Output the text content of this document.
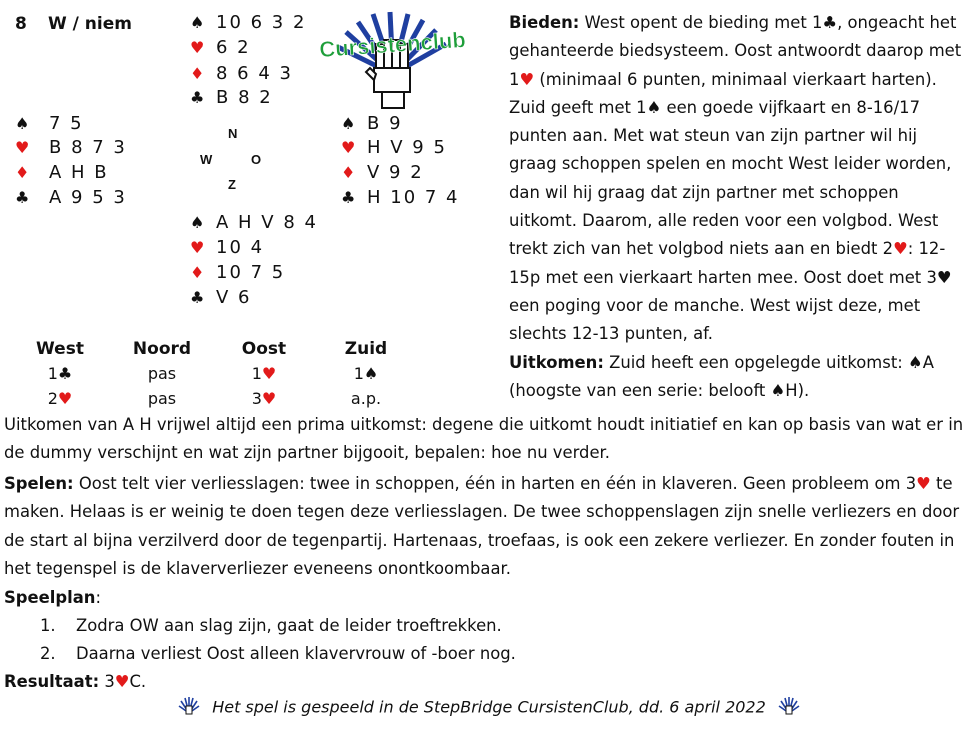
8 W / niem
Cursistenclub
♠ 10 6 3 2
♥ 6 2
♦ 8 6 4 3
♣ B 8 2
♠ 7 5
♥ B 8 7 3
♦ A H B
♣ A 9 5 3
N
W	O
Z
♠ B 9
♥ H V 9 5
♦ V 9 2
♣ H 10 7 4
♠ A H V 8 4
♥ 10 4
♦ 10 7 5
♣ V 6
West	Noord	Oost	Zuid
1♣	pas	1♥	1♠
2♥	pas	3♥	a.p.
Bieden: West opent de bieding met 1♣, ongeacht het gehanteerde biedsysteem. Oost antwoordt daarop met 1♥ (minimaal 6 punten, minimaal vierkaart harten). Zuid geeft met 1♠ een goede vijfkaart en 8-16/17 punten aan. Met wat steun van zijn partner wil hij graag schoppen spelen en mocht West leider worden, dan wil hij graag dat zijn partner met schoppen uitkomt. Daarom, alle reden voor een volgbod. West trekt zich van het volgbod niets aan en biedt 2♥: 12-15p met een vierkaart harten mee. Oost doet met 3♥ een poging voor de manche. West wijst deze, met slechts 12-13 punten, af.
Uitkomen: Zuid heeft een opgelegde uitkomst: ♠A (hoogste van een serie: belooft ♠H).
Uitkomen van A H vrijwel altijd een prima uitkomst: degene die uitkomt houdt initiatief en kan op basis van wat er in de dummy verschijnt en wat zijn partner bijgooit, bepalen: hoe nu verder.
Spelen: Oost telt vier verliesslagen: twee in schoppen, één in harten en één in klaveren. Geen probleem om 3♥ te maken. Helaas is er weinig te doen tegen deze verliesslagen. De twee schoppenslagen zijn snelle verliezers en door de start al bijna verzilverd door de tegenpartij. Hartenaas, troefaas, is ook een zekere verliezer. En zonder fouten in het tegenspel is de klaververliezer eveneens onontkoombaar.
Speelplan:
1. Zodra OW aan slag zijn, gaat de leider troeftrekken.
2. Daarna verliest Oost alleen klavervrouw of -boer nog.
Resultaat: 3♥C.
Het spel is gespeeld in de StepBridge CursistenClub, dd. 6 april 2022
